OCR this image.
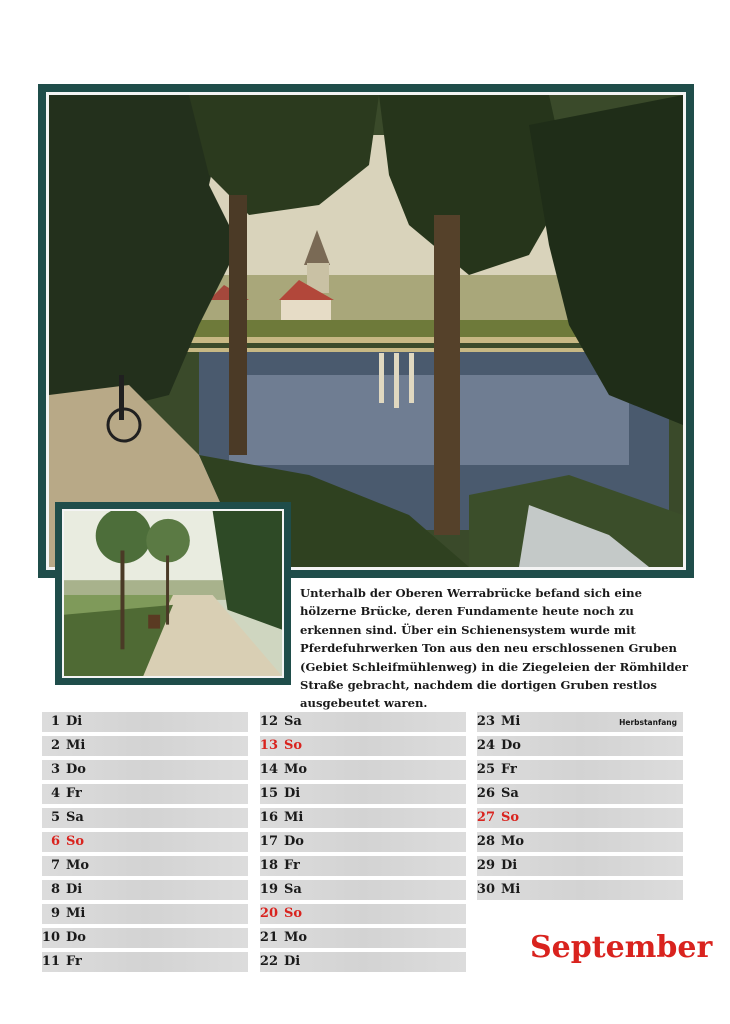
Unterhalb der Oberen Werrabrücke befand sich eine hölzerne Brücke, deren Fundamente heute noch zu erkennen sind. Über ein Schienensystem wurde mit Pferdefuhrwerken Ton aus den neu erschlossenen Gruben (Gebiet Schleifmühlenweg) in die Ziegeleien der Römhilder Straße gebracht, nachdem die dortigen Gruben restlos ausgebeutet waren.

1 Di
2 Mi
3 Do
4 Fr
5 Sa
6 So
7 Mo
8 Di
9 Mi
10 Do
11 Fr
12 Sa
13 So
14 Mo
15 Di
16 Mi
17 Do
18 Fr
19 Sa
20 So
21 Mo
22 Di
23 Mi	Herbstanfang
24 Do
25 Fr
26 Sa
27 So
28 Mo
29 Di
30 Mi
September
